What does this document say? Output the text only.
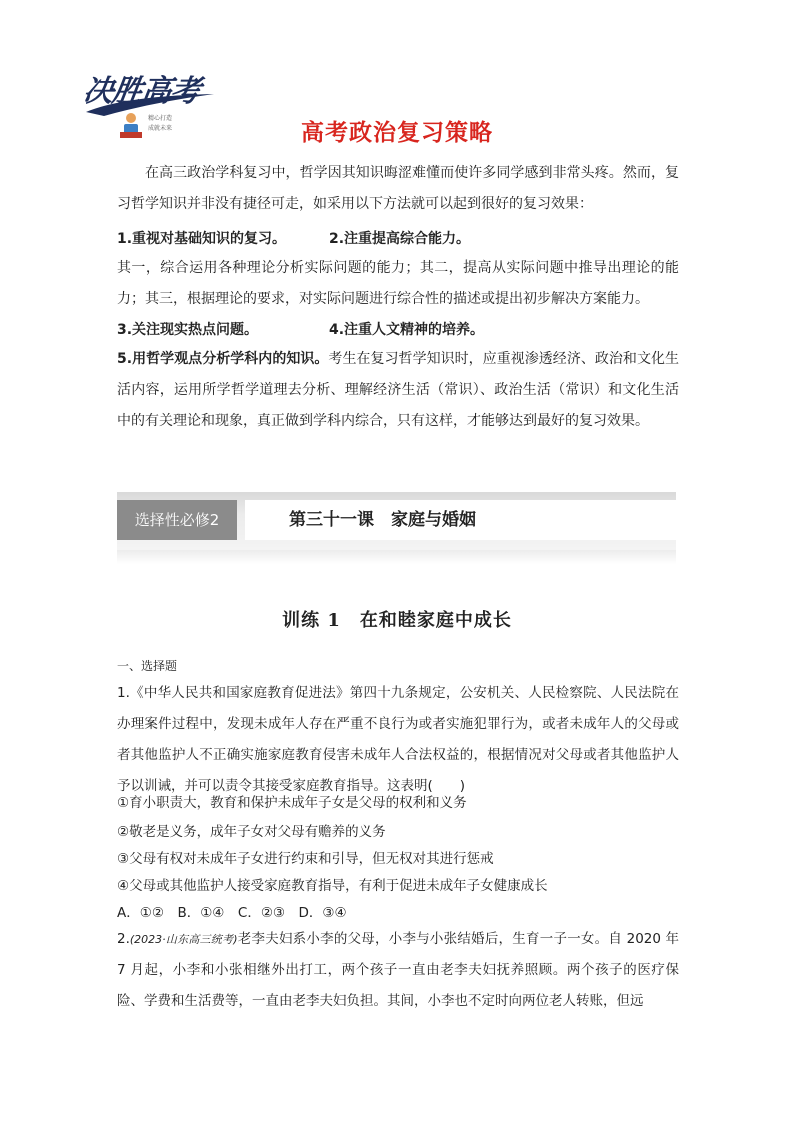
决胜高考
精心打造
成就未来	高考政治复习策略

在高三政治学科复习中，哲学因其知识晦涩难懂而使许多同学感到非常头疼。然而，复习哲学知识并非没有捷径可走，如采用以下方法就可以起到很好的复习效果：

1.重视对基础知识的复习。	2.注重提高综合能力。

其一，综合运用各种理论分析实际问题的能力；其二，提高从实际问题中推导出理论的能力；其三，根据理论的要求，对实际问题进行综合性的描述或提出初步解决方案能力。

3.关注现实热点问题。	4.注重人文精神的培养。

5.用哲学观点分析学科内的知识。考生在复习哲学知识时，应重视渗透经济、政治和文化生活内容，运用所学哲学道理去分析、理解经济生活（常识）、政治生活（常识）和文化生活中的有关理论和现象，真正做到学科内综合，只有这样，才能够达到最好的复习效果。

选择性必修2	第三十一课　家庭与婚姻
训练 1　在和睦家庭中成长
一、选择题

1.《中华人民共和国家庭教育促进法》第四十九条规定，公安机关、人民检察院、人民法院在办理案件过程中，发现未成年人存在严重不良行为或者实施犯罪行为，或者未成年人的父母或者其他监护人不正确实施家庭教育侵害未成年人合法权益的，根据情况对父母或者其他监护人予以训诫，并可以责令其接受家庭教育指导。这表明(　　)

①育小职责大，教育和保护未成年子女是父母的权利和义务
②敬老是义务，成年子女对父母有赡养的义务
③父母有权对未成年子女进行约束和引导，但无权对其进行惩戒
④父母或其他监护人接受家庭教育指导，有利于促进未成年子女健康成长
A．①②　B．①④　C．②③　D．③④

2.(2023·山东高三统考)老李夫妇系小李的父母，小李与小张结婚后，生育一子一女。自 2020 年 7 月起，小李和小张相继外出打工，两个孩子一直由老李夫妇抚养照顾。两个孩子的医疗保险、学费和生活费等，一直由老李夫妇负担。其间，小李也不定时向两位老人转账，但远
